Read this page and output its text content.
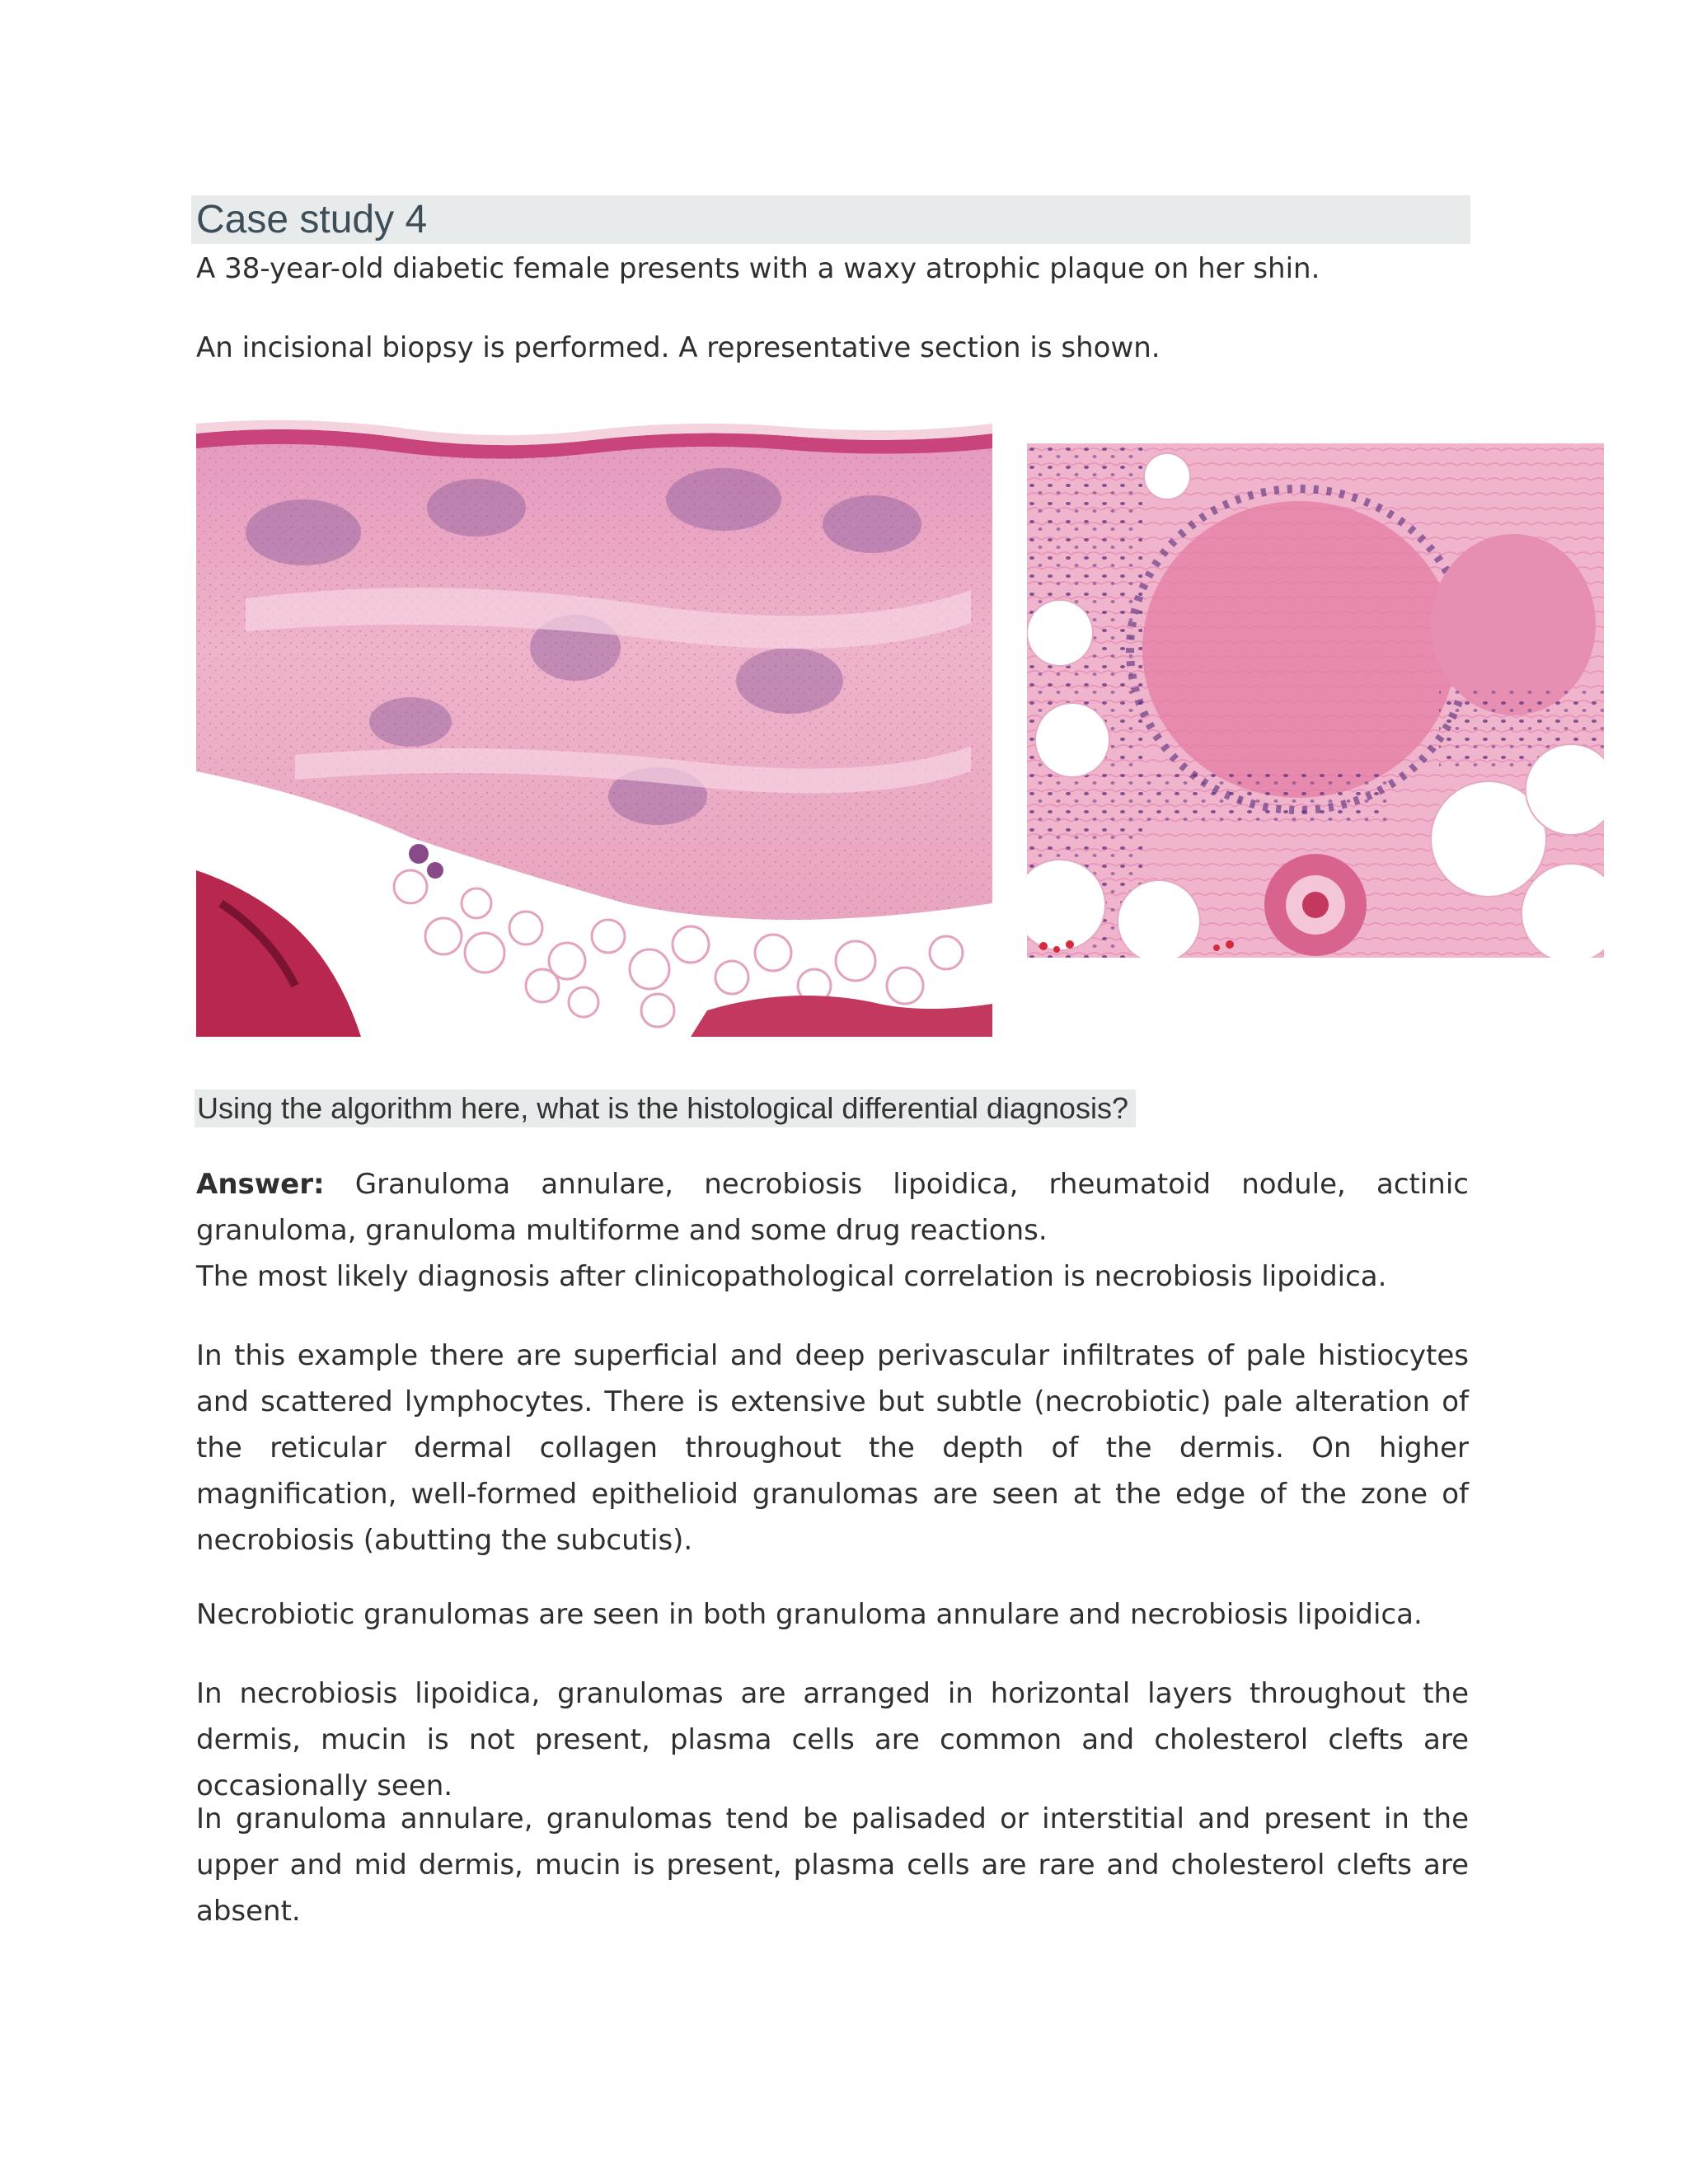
Case study 4

A 38-year-old diabetic female presents with a waxy atrophic plaque on her shin.

An incisional biopsy is performed. A representative section is shown.

Using the algorithm here, what is the histological differential diagnosis?
Answer: Granuloma annulare, necrobiosis lipoidica, rheumatoid nodule, actinic granuloma, granuloma multiforme and some drug reactions.

The most likely diagnosis after clinicopathological correlation is necrobiosis lipoidica.

In this example there are superficial and deep perivascular infiltrates of pale histiocytes and scattered lymphocytes. There is extensive but subtle (necrobiotic) pale alteration of the reticular dermal collagen throughout the depth of the dermis. On higher magnification, well-formed epithelioid granulomas are seen at the edge of the zone of necrobiosis (abutting the subcutis).

Necrobiotic granulomas are seen in both granuloma annulare and necrobiosis lipoidica.

In necrobiosis lipoidica, granulomas are arranged in horizontal layers throughout the dermis, mucin is not present, plasma cells are common and cholesterol clefts are occasionally seen.

In granuloma annulare, granulomas tend be palisaded or interstitial and present in the upper and mid dermis, mucin is present, plasma cells are rare and cholesterol clefts are absent.
